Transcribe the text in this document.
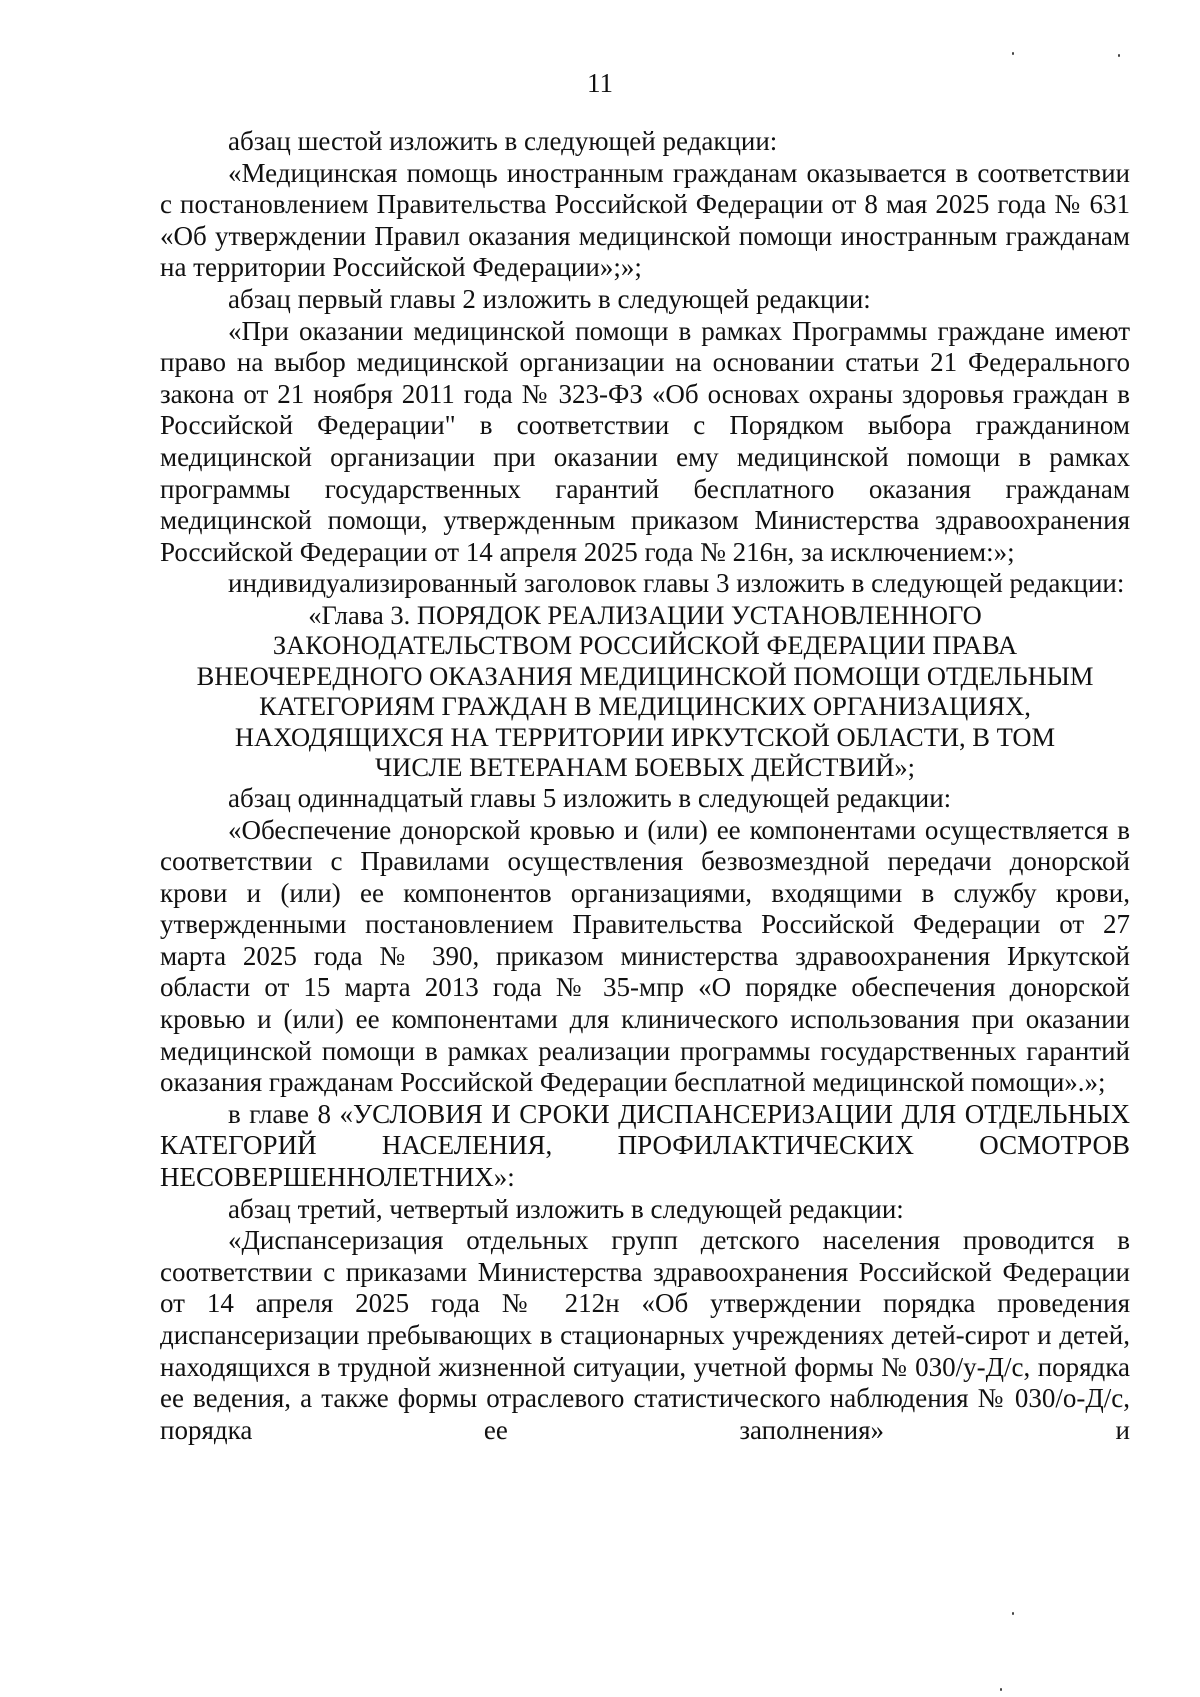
11

абзац шестой изложить в следующей редакции:

«Медицинская помощь иностранным гражданам оказывается в соответствии с постановлением Правительства Российской Федерации от 8 мая 2025 года № 631 «Об утверждении Правил оказания медицинской помощи иностранным гражданам на территории Российской Федерации»;»;

абзац первый главы 2 изложить в следующей редакции:

«При оказании медицинской помощи в рамках Программы граждане имеют право на выбор медицинской организации на основании статьи 21 Федерального закона от 21 ноября 2011 года № 323-ФЗ «Об основах охраны здоровья граждан в Российской Федерации" в соответствии с Порядком выбора гражданином медицинской организации при оказании ему медицинской помощи в рамках программы государственных гарантий бесплатного оказания гражданам медицинской помощи, утвержденным приказом Министерства здравоохранения Российской Федерации от 14 апреля 2025 года № 216н, за исключением:»;

индивидуализированный заголовок главы 3 изложить в следующей редакции:

«Глава 3. ПОРЯДОК РЕАЛИЗАЦИИ УСТАНОВЛЕННОГО
ЗАКОНОДАТЕЛЬСТВОМ РОССИЙСКОЙ ФЕДЕРАЦИИ ПРАВА
ВНЕОЧЕРЕДНОГО ОКАЗАНИЯ МЕДИЦИНСКОЙ ПОМОЩИ ОТДЕЛЬНЫМ
КАТЕГОРИЯМ ГРАЖДАН В МЕДИЦИНСКИХ ОРГАНИЗАЦИЯХ,
НАХОДЯЩИХСЯ НА ТЕРРИТОРИИ ИРКУТСКОЙ ОБЛАСТИ, В ТОМ
ЧИСЛЕ ВЕТЕРАНАМ БОЕВЫХ ДЕЙСТВИЙ»;

абзац одиннадцатый главы 5 изложить в следующей редакции:

«Обеспечение донорской кровью и (или) ее компонентами осуществляется в соответствии с Правилами осуществления безвозмездной передачи донорской крови и (или) ее компонентов организациями, входящими в службу крови, утвержденными постановлением Правительства Российской Федерации от 27 марта 2025 года № 390, приказом министерства здравоохранения Иркутской области от 15 марта 2013 года № 35-мпр «О порядке обеспечения донорской кровью и (или) ее компонентами для клинического использования при оказании медицинской помощи в рамках реализации программы государственных гарантий оказания гражданам Российской Федерации бесплатной медицинской помощи».»;

в главе 8 «УСЛОВИЯ И СРОКИ ДИСПАНСЕРИЗАЦИИ ДЛЯ ОТДЕЛЬНЫХ КАТЕГОРИЙ НАСЕЛЕНИЯ, ПРОФИЛАКТИЧЕСКИХ ОСМОТРОВ НЕСОВЕРШЕННОЛЕТНИХ»:

абзац третий, четвертый изложить в следующей редакции:

«Диспансеризация отдельных групп детского населения проводится в соответствии с приказами Министерства здравоохранения Российской Федерации от 14 апреля 2025 года № 212н «Об утверждении порядка проведения диспансеризации пребывающих в стационарных учреждениях детей-сирот и детей, находящихся в трудной жизненной ситуации, учетной формы № 030/у-Д/с, порядка ее ведения, а также формы отраслевого статистического наблюдения № 030/о-Д/с, порядка ее заполнения» и
